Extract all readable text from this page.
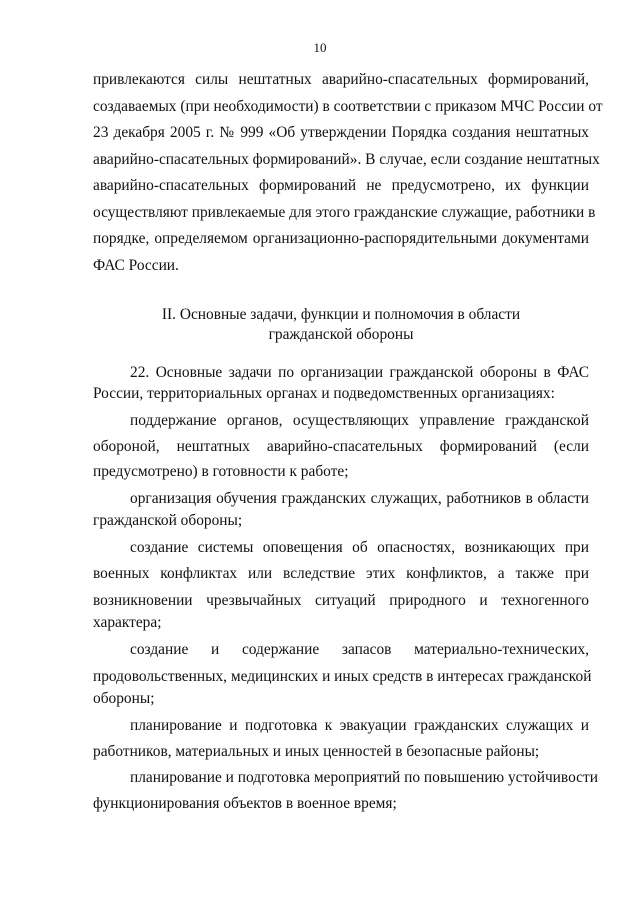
10
привлекаются силы нештатных аварийно-спасательных формирований,
создаваемых (при необходимости) в соответствии с приказом МЧС России от
23 декабря 2005 г. № 999 «Об утверждении Порядка создания нештатных
аварийно-спасательных формирований». В случае, если создание нештатных
аварийно-спасательных формирований не предусмотрено, их функции
осуществляют привлекаемые для этого гражданские служащие, работники в
порядке, определяемом организационно-распорядительными документами
ФАС России.
II. Основные задачи, функции и полномочия в области
гражданской обороны
22. Основные задачи по организации гражданской обороны в ФАС
России, территориальных органах и подведомственных организациях:
поддержание органов, осуществляющих управление гражданской
обороной, нештатных аварийно-спасательных формирований (если
предусмотрено) в готовности к работе;
организация обучения гражданских служащих, работников в области
гражданской обороны;
создание системы оповещения об опасностях, возникающих при
военных конфликтах или вследствие этих конфликтов, а также при
возникновении чрезвычайных ситуаций природного и техногенного
характера;
создание и содержание запасов материально-технических,
продовольственных, медицинских и иных средств в интересах гражданской
обороны;
планирование и подготовка к эвакуации гражданских служащих и
работников, материальных и иных ценностей в безопасные районы;
планирование и подготовка мероприятий по повышению устойчивости
функционирования объектов в военное время;
